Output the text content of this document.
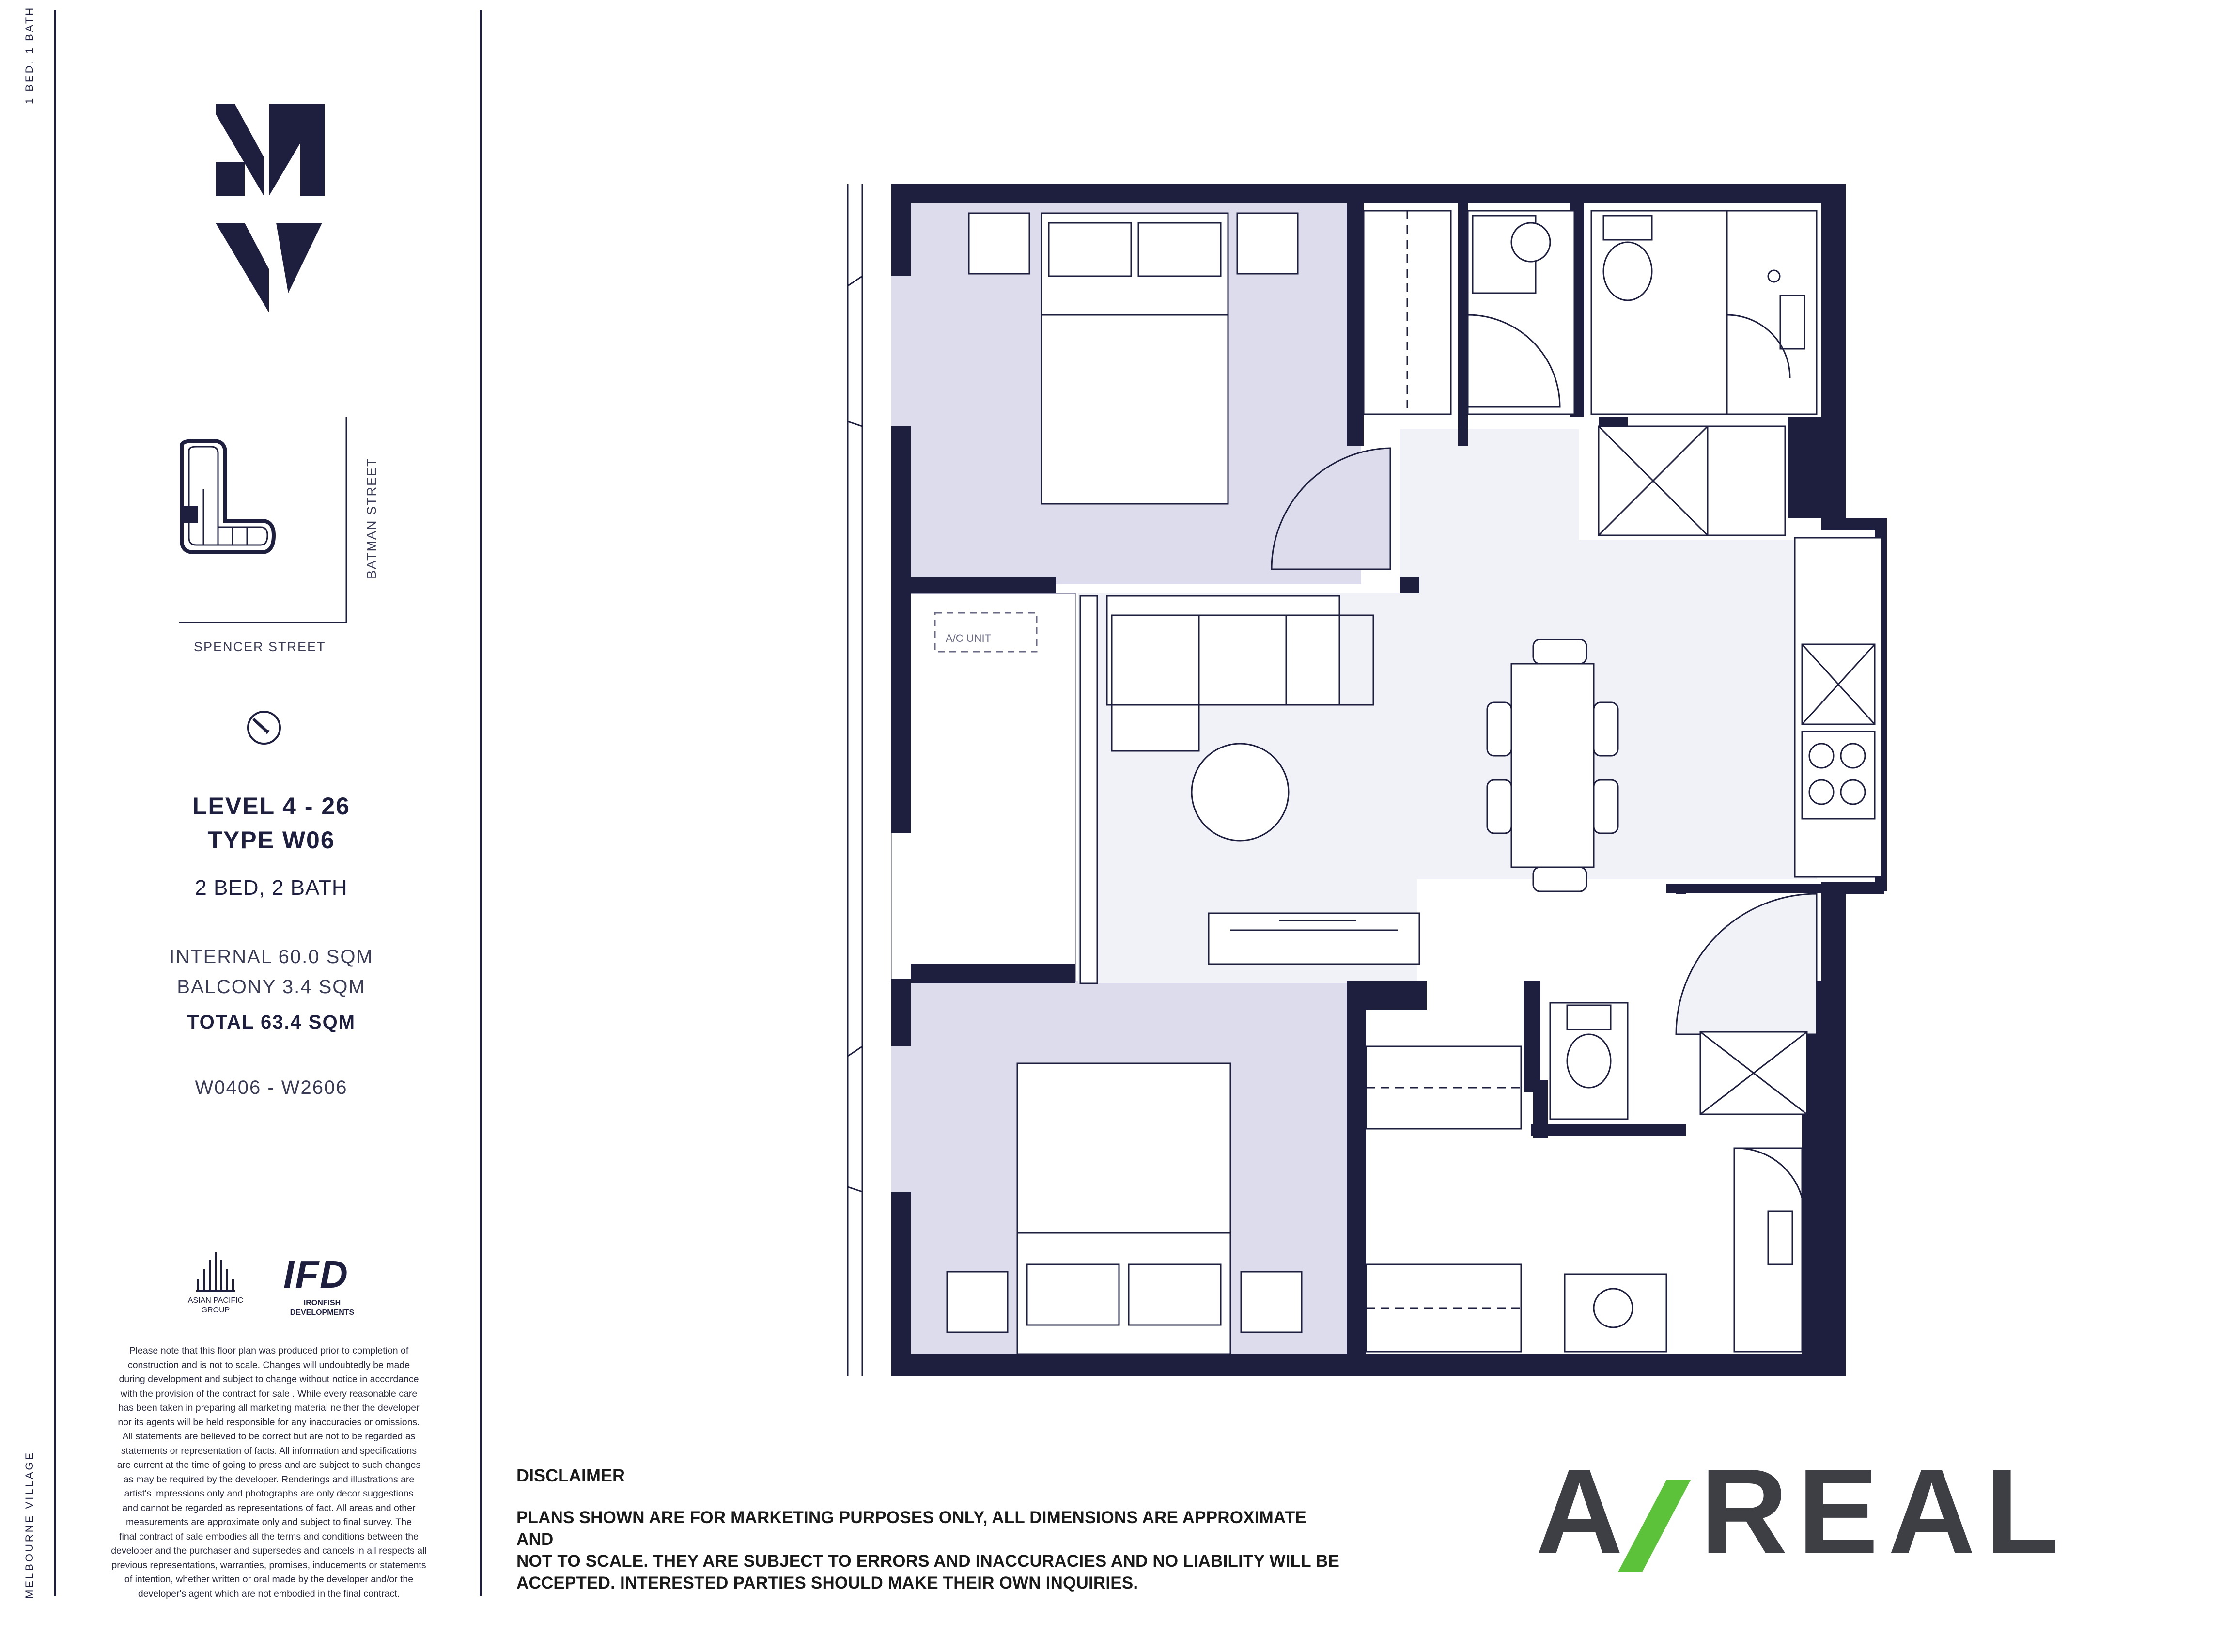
1 BED, 1 BATH
MELBOURNE VILLAGE
BATMAN STREET
SPENCER STREET
LEVEL 4 - 26
TYPE W06
2 BED, 2 BATH
INTERNAL 60.0 SQM
BALCONY 3.4 SQM
TOTAL 63.4 SQM
W0406 - W2606
ASIAN PACIFIC GROUP
IFD
IRONFISH DEVELOPMENTS
Please note that this floor plan was produced prior to completion of
construction and is not to scale. Changes will undoubtedly be made
during development and subject to change without notice in accordance
with the provision of the contract for sale . While every reasonable care
has been taken in preparing all marketing material neither the developer
nor its agents will be held responsible for any inaccuracies or omissions.
All statements are believed to be correct but are not to be regarded as
statements or representation of facts. All information and specifications
are current at the time of going to press and are subject to such changes
as may be required by the developer. Renderings and illustrations are
artist's impressions only and photographs are only decor suggestions
and cannot be regarded as representations of fact. All areas and other
measurements are approximate only and subject to final survey. The
final contract of sale embodies all the terms and conditions between the
developer and the purchaser and supersedes and cancels in all respects all
previous representations, warranties, promises, inducements or statements
of intention, whether written or oral made by the developer and/or the
developer's agent which are not embodied in the final contract.
A/C UNIT
DISCLAIMER
PLANS SHOWN ARE FOR MARKETING PURPOSES ONLY, ALL DIMENSIONS ARE APPROXIMATE AND
NOT TO SCALE. THEY ARE SUBJECT TO ERRORS AND INACCURACIES AND NO LIABILITY WILL BE
ACCEPTED. INTERESTED PARTIES SHOULD MAKE THEIR OWN INQUIRIES.
A REAL
